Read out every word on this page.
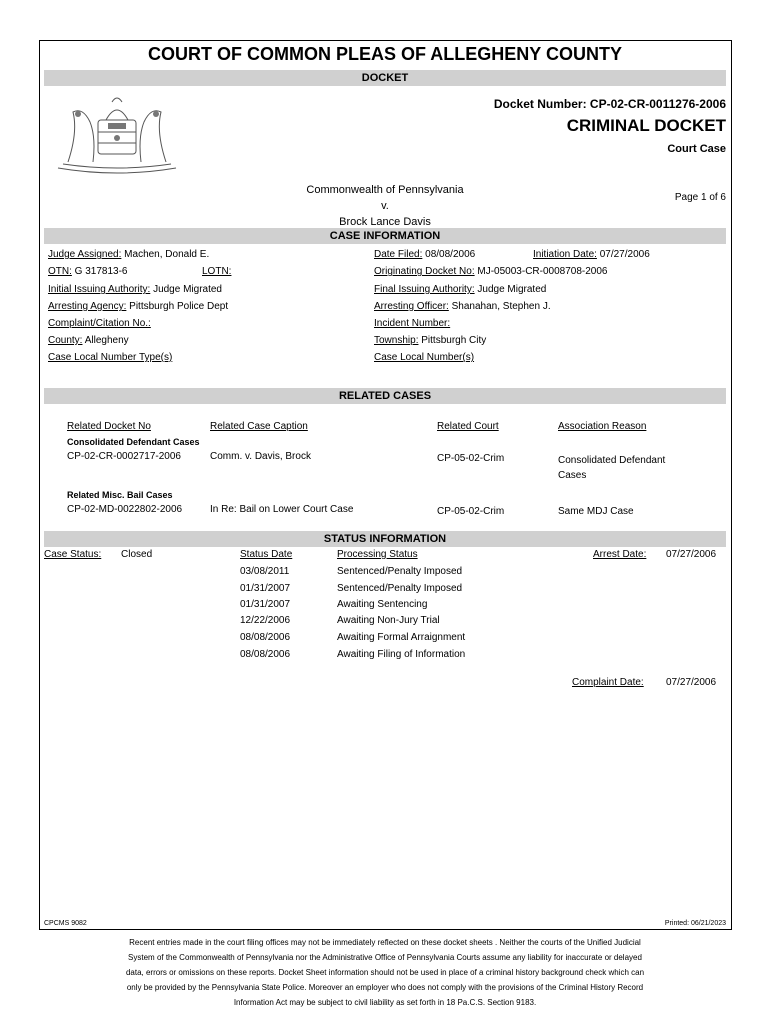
COURT OF COMMON PLEAS OF ALLEGHENY COUNTY
DOCKET
Docket Number: CP-02-CR-0011276-2006
CRIMINAL DOCKET
Court Case
Commonwealth of Pennsylvania
v.
Brock Lance Davis
Page 1 of 6
CASE INFORMATION
Judge Assigned: Machen, Donald E.
OTN: G 317813-6	LOTN:
Initial Issuing Authority: Judge Migrated
Arresting Agency: Pittsburgh Police Dept
Complaint/Citation No.:
County: Allegheny
Case Local Number Type(s)
Date Filed: 08/08/2006	Initiation Date: 07/27/2006
Originating Docket No: MJ-05003-CR-0008708-2006
Final Issuing Authority: Judge Migrated
Arresting Officer: Shanahan, Stephen J.
Incident Number:
Township: Pittsburgh City
Case Local Number(s)
RELATED CASES
Related Docket No	Related Case Caption	Related Court	Association Reason
Consolidated Defendant Cases
CP-02-CR-0002717-2006	Comm. v. Davis, Brock	CP-05-02-Crim	Consolidated Defendant
Cases
Related Misc. Bail Cases
CP-02-MD-0022802-2006	In Re: Bail on Lower Court Case	CP-05-02-Crim	Same MDJ Case
STATUS INFORMATION
Case Status: Closed	Status Date	Processing Status	Arrest Date: 07/27/2006
03/08/2011	Sentenced/Penalty Imposed
01/31/2007	Sentenced/Penalty Imposed
01/31/2007	Awaiting Sentencing
12/22/2006	Awaiting Non-Jury Trial
08/08/2006	Awaiting Formal Arraignment
08/08/2006	Awaiting Filing of Information
Complaint Date: 07/27/2006
CPCMS 9082	Printed: 06/21/2023
Recent entries made in the court filing offices may not be immediately reflected on these docket sheets . Neither the courts of the Unified Judicial
System of the Commonwealth of Pennsylvania nor the Administrative Office of Pennsylvania Courts assume any liability for inaccurate or delayed
data, errors or omissions on these reports. Docket Sheet information should not be used in place of a criminal history background check which can
only be provided by the Pennsylvania State Police. Moreover an employer who does not comply with the provisions of the Criminal History Record
Information Act may be subject to civil liability as set forth in 18 Pa.C.S. Section 9183.
